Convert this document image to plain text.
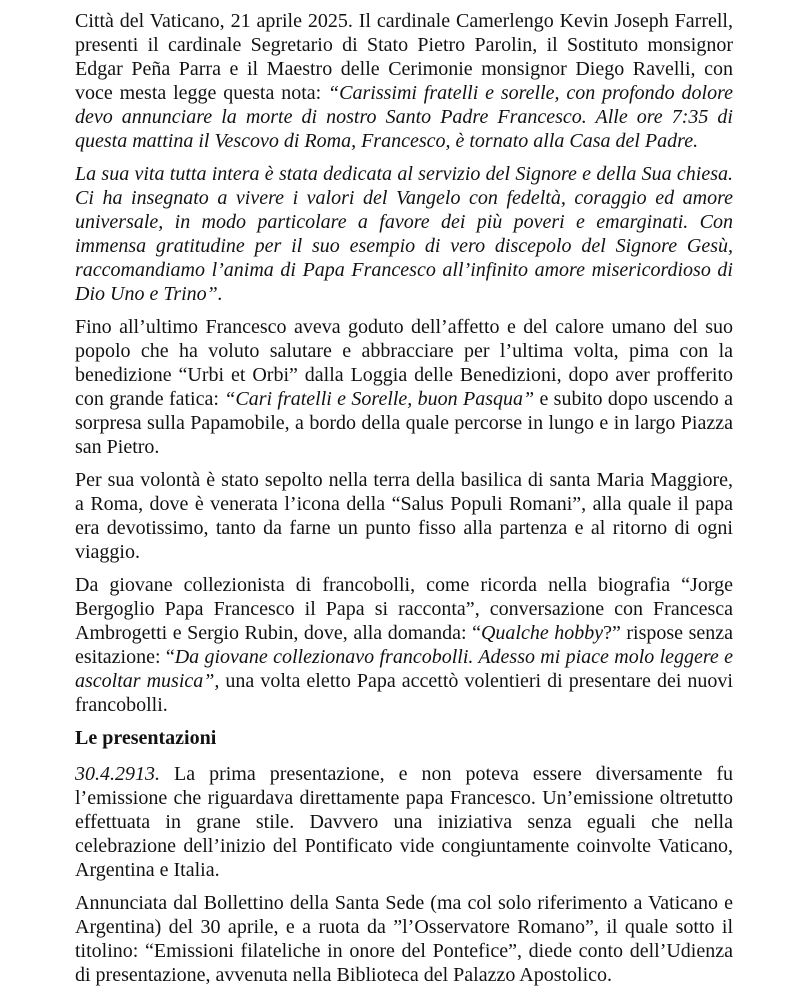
Città del Vaticano, 21 aprile 2025. Il cardinale Camerlengo Kevin Joseph Farrell, presenti il cardinale Segretario di Stato Pietro Parolin, il Sostituto monsignor Edgar Peña Parra e il Maestro delle Cerimonie monsignor Diego Ravelli, con voce mesta legge questa nota: “Carissimi fratelli e sorelle, con profondo dolore devo annunciare la morte di nostro Santo Padre Francesco. Alle ore 7:35 di questa mattina il Vescovo di Roma, Francesco, è tornato alla Casa del Padre.

La sua vita tutta intera è stata dedicata al servizio del Signore e della Sua chiesa. Ci ha insegnato a vivere i valori del Vangelo con fedeltà, coraggio ed amore universale, in modo particolare a favore dei più poveri e emarginati. Con immensa gratitudine per il suo esempio di vero discepolo del Signore Gesù, raccomandiamo l’anima di Papa Francesco all’infinito amore misericordioso di Dio Uno e Trino”.

Fino all’ultimo Francesco aveva goduto dell’affetto e del calore umano del suo popolo che ha voluto salutare e abbracciare per l’ultima volta, pima con la benedizione “Urbi et Orbi” dalla Loggia delle Benedizioni, dopo aver profferito con grande fatica: “Cari fratelli e Sorelle, buon Pasqua” e subito dopo uscendo a sorpresa sulla Papamobile, a bordo della quale percorse in lungo e in largo Piazza san Pietro.

Per sua volontà è stato sepolto nella terra della basilica di santa Maria Maggiore, a Roma, dove è venerata l’icona della “Salus Populi Romani”, alla quale il papa era devotissimo, tanto da farne un punto fisso alla partenza e al ritorno di ogni viaggio.

Da giovane collezionista di francobolli, come ricorda nella biografia “Jorge Bergoglio Papa Francesco il Papa si racconta”, conversazione con Francesca Ambrogetti e Sergio Rubin, dove, alla domanda: “Qualche hobby?” rispose senza esitazione: “Da giovane collezionavo francobolli. Adesso mi piace molo leggere e ascoltar musica”, una volta eletto Papa accettò volentieri di presentare dei nuovi francobolli.

Le presentazioni

30.4.2913. La prima presentazione, e non poteva essere diversamente fu l’emissione che riguardava direttamente papa Francesco. Un’emissione oltretutto effettuata in grane stile. Davvero una iniziativa senza eguali che nella celebrazione dell’inizio del Pontificato vide congiuntamente coinvolte Vaticano, Argentina e Italia.

Annunciata dal Bollettino della Santa Sede (ma col solo riferimento a Vaticano e Argentina) del 30 aprile, e a ruota da ”l’Osservatore Romano”, il quale sotto il titolino: “Emissioni filateliche in onore del Pontefice”, diede conto dell’Udienza di presentazione, avvenuta nella Biblioteca del Palazzo Apostolico.
